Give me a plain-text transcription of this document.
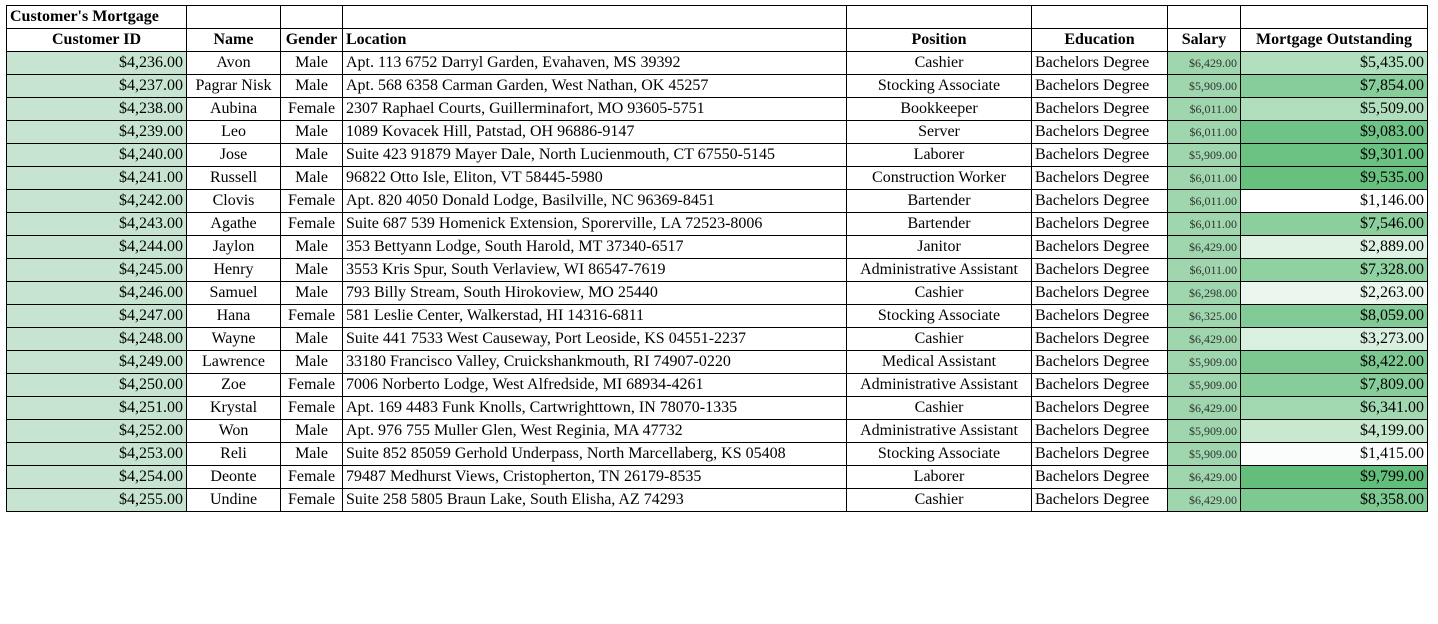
Customer's Mortgage							
Customer ID	Name	Gender	Location	Position	Education	Salary	Mortgage Outstanding
$4,236.00	Avon	Male	Apt. 113 6752 Darryl Garden, Evahaven, MS 39392	Cashier	Bachelors Degree	$6,429.00	$5,435.00
$4,237.00	Pagrar Nisk	Male	Apt. 568 6358 Carman Garden, West Nathan, OK 45257	Stocking Associate	Bachelors Degree	$5,909.00	$7,854.00
$4,238.00	Aubina	Female	2307 Raphael Courts, Guillerminafort, MO 93605-5751	Bookkeeper	Bachelors Degree	$6,011.00	$5,509.00
$4,239.00	Leo	Male	1089 Kovacek Hill, Patstad, OH 96886-9147	Server	Bachelors Degree	$6,011.00	$9,083.00
$4,240.00	Jose	Male	Suite 423 91879 Mayer Dale, North Lucienmouth, CT 67550-5145	Laborer	Bachelors Degree	$5,909.00	$9,301.00
$4,241.00	Russell	Male	96822 Otto Isle, Eliton, VT 58445-5980	Construction Worker	Bachelors Degree	$6,011.00	$9,535.00
$4,242.00	Clovis	Female	Apt. 820 4050 Donald Lodge, Basilville, NC 96369-8451	Bartender	Bachelors Degree	$6,011.00	$1,146.00
$4,243.00	Agathe	Female	Suite 687 539 Homenick Extension, Sporerville, LA 72523-8006	Bartender	Bachelors Degree	$6,011.00	$7,546.00
$4,244.00	Jaylon	Male	353 Bettyann Lodge, South Harold, MT 37340-6517	Janitor	Bachelors Degree	$6,429.00	$2,889.00
$4,245.00	Henry	Male	3553 Kris Spur, South Verlaview, WI 86547-7619	Administrative Assistant	Bachelors Degree	$6,011.00	$7,328.00
$4,246.00	Samuel	Male	793 Billy Stream, South Hirokoview, MO 25440	Cashier	Bachelors Degree	$6,298.00	$2,263.00
$4,247.00	Hana	Female	581 Leslie Center, Walkerstad, HI 14316-6811	Stocking Associate	Bachelors Degree	$6,325.00	$8,059.00
$4,248.00	Wayne	Male	Suite 441 7533 West Causeway, Port Leoside, KS 04551-2237	Cashier	Bachelors Degree	$6,429.00	$3,273.00
$4,249.00	Lawrence	Male	33180 Francisco Valley, Cruickshankmouth, RI 74907-0220	Medical Assistant	Bachelors Degree	$5,909.00	$8,422.00
$4,250.00	Zoe	Female	7006 Norberto Lodge, West Alfredside, MI 68934-4261	Administrative Assistant	Bachelors Degree	$5,909.00	$7,809.00
$4,251.00	Krystal	Female	Apt. 169 4483 Funk Knolls, Cartwrighttown, IN 78070-1335	Cashier	Bachelors Degree	$6,429.00	$6,341.00
$4,252.00	Won	Male	Apt. 976 755 Muller Glen, West Reginia, MA 47732	Administrative Assistant	Bachelors Degree	$5,909.00	$4,199.00
$4,253.00	Reli	Male	Suite 852 85059 Gerhold Underpass, North Marcellaberg, KS 05408	Stocking Associate	Bachelors Degree	$5,909.00	$1,415.00
$4,254.00	Deonte	Female	79487 Medhurst Views, Cristopherton, TN 26179-8535	Laborer	Bachelors Degree	$6,429.00	$9,799.00
$4,255.00	Undine	Female	Suite 258 5805 Braun Lake, South Elisha, AZ 74293	Cashier	Bachelors Degree	$6,429.00	$8,358.00
